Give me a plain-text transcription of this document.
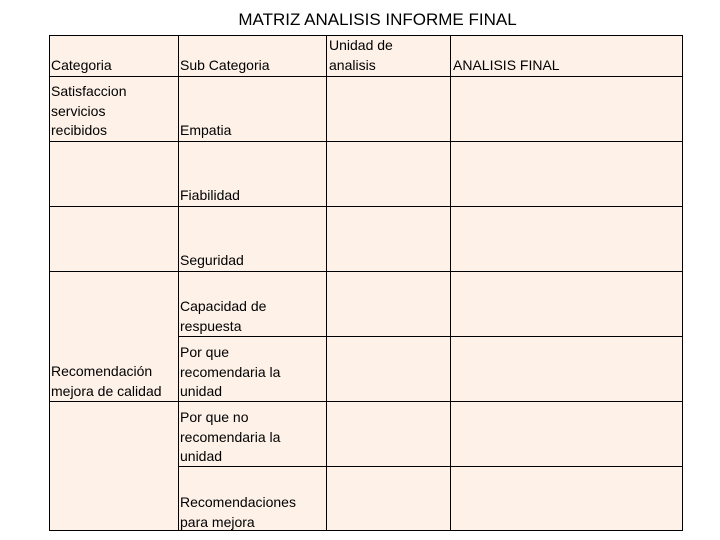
MATRIZ ANALISIS INFORME FINAL
Categoria	Sub Categoria
Unidad de
analisis	ANALISIS FINAL
Satisfaccion
servicios
recibidos
Recomendación
mejora de calidad
Empatia
Fiabilidad
Seguridad
Capacidad de
respuesta
Por que
recomendaria la
unidad
Por que no
recomendaria la
unidad
Recomendaciones
para mejora
